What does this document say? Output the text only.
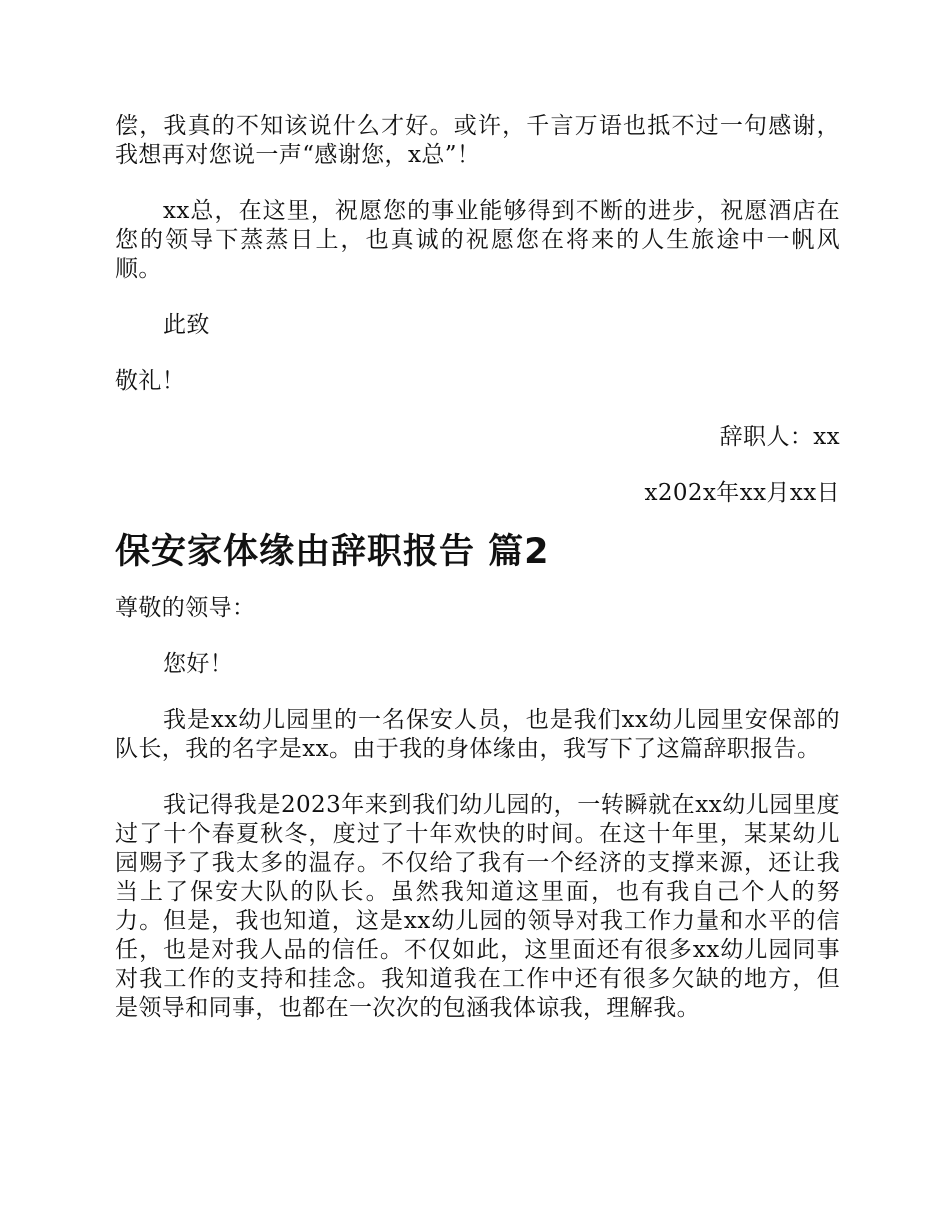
偿，我真的不知该说什么才好。或许，千言万语也抵不过一句感谢，我想再对您说一声“感谢您，x总”！

xx总，在这里，祝愿您的事业能够得到不断的进步，祝愿酒店在您的领导下蒸蒸日上，也真诚的祝愿您在将来的人生旅途中一帆风顺。

此致

敬礼！

辞职人：xx

x202x年xx月xx日

保安家体缘由辞职报告 篇2

尊敬的领导：

您好！

我是xx幼儿园里的一名保安人员，也是我们xx幼儿园里安保部的队长，我的名字是xx。由于我的身体缘由，我写下了这篇辞职报告。

我记得我是2023年来到我们幼儿园的，一转瞬就在xx幼儿园里度过了十个春夏秋冬，度过了十年欢快的时间。在这十年里，某某幼儿园赐予了我太多的温存。不仅给了我有一个经济的支撑来源，还让我当上了保安大队的队长。虽然我知道这里面，也有我自己个人的努力。但是，我也知道，这是xx幼儿园的领导对我工作力量和水平的信任，也是对我人品的信任。不仅如此，这里面还有很多xx幼儿园同事对我工作的支持和挂念。我知道我在工作中还有很多欠缺的地方，但是领导和同事，也都在一次次的包涵我体谅我，理解我。
